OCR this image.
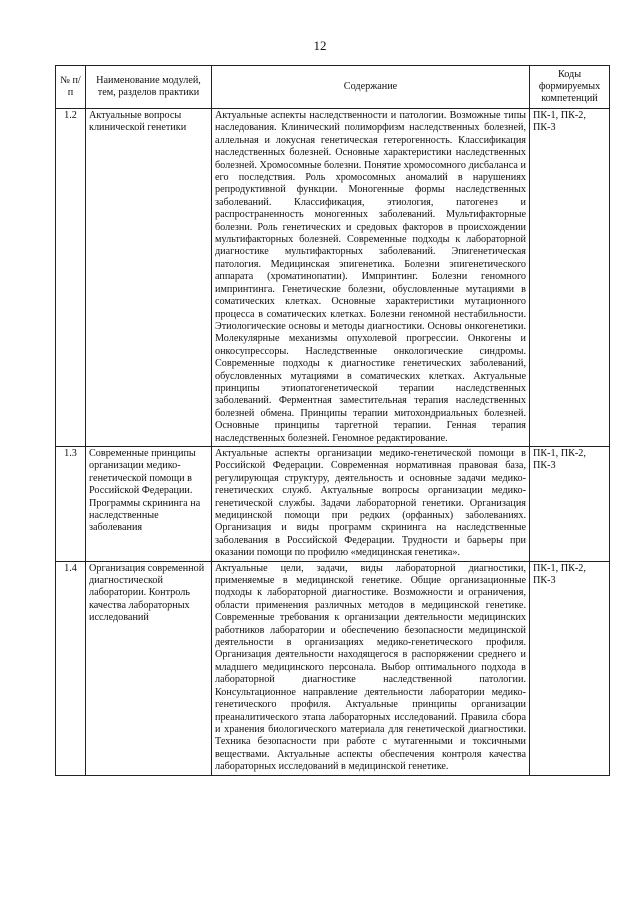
12
№ п/п	Наименование модулей, тем, разделов практики	Содержание	Коды формируемых компетенций
1.2	Актуальные вопросы клинической генетики	Актуальные аспекты наследственности и патологии. Возможные типы наследования. Клинический полиморфизм наследственных болезней, аллельная и локусная генетическая гетерогенность. Классификация наследственных болезней. Основные характеристики наследственных болезней. Хромосомные болезни. Понятие хромосомного дисбаланса и его последствия. Роль хромосомных аномалий в нарушениях репродуктивной функции. Моногенные формы наследственных заболеваний. Классификация, этиология, патогенез и распространенность моногенных заболеваний. Мультифакторные болезни. Роль генетических и средовых факторов в происхождении мультифакторных болезней. Современные подходы к лабораторной диагностике мультифакторных заболеваний. Эпигенетическая патология. Медицинская эпигенетика. Болезни эпигенетического аппарата (хроматинопатии). Импринтинг. Болезни геномного импринтинга. Генетические болезни, обусловленные мутациями в соматических клетках. Основные характеристики мутационного процесса в соматических клетках. Болезни геномной нестабильности. Этиологические основы и методы диагностики. Основы онкогенетики. Молекулярные механизмы опухолевой прогрессии. Онкогены и онкосупрессоры. Наследственные онкологические синдромы. Современные подходы к диагностике генетических заболеваний, обусловленных мутациями в соматических клетках. Актуальные принципы этиопатогенетической терапии наследственных заболеваний. Ферментная заместительная терапия наследственных болезней обмена. Принципы терапии митохондриальных болезней. Основные принципы таргетной терапии. Генная терапия наследственных болезней. Геномное редактирование.	ПК-1, ПК-2, ПК-3
1.3	Современные принципы организации медико-генетической помощи в Российской Федерации. Программы скрининга на наследственные заболевания	Актуальные аспекты организации медико-генетической помощи в Российской Федерации. Современная нормативная правовая база, регулирующая структуру, деятельность и основные задачи медико-генетических служб. Актуальные вопросы организации медико-генетической службы. Задачи лабораторной генетики. Организация медицинской помощи при редких (орфанных) заболеваниях. Организация и виды программ скрининга на наследственные заболевания в Российской Федерации. Трудности и барьеры при оказании помощи по профилю «медицинская генетика».	ПК-1, ПК-2, ПК-3
1.4	Организация современной диагностической лаборатории. Контроль качества лабораторных исследований	Актуальные цели, задачи, виды лабораторной диагностики, применяемые в медицинской генетике. Общие организационные подходы к лабораторной диагностике. Возможности и ограничения, области применения различных методов в медицинской генетике. Современные требования к организации деятельности медицинских работников лаборатории и обеспечению безопасности медицинской деятельности в организациях медико-генетического профиля. Организация деятельности находящегося в распоряжении среднего и младшего медицинского персонала. Выбор оптимального подхода в лабораторной диагностике наследственной патологии. Консультационное направление деятельности лаборатории медико-генетического профиля. Актуальные принципы организации преаналитического этапа лабораторных исследований. Правила сбора и хранения биологического материала для генетической диагностики. Техника безопасности при работе с мутагенными и токсичными веществами. Актуальные аспекты обеспечения контроля качества лабораторных исследований в медицинской генетике.	ПК-1, ПК-2, ПК-3
